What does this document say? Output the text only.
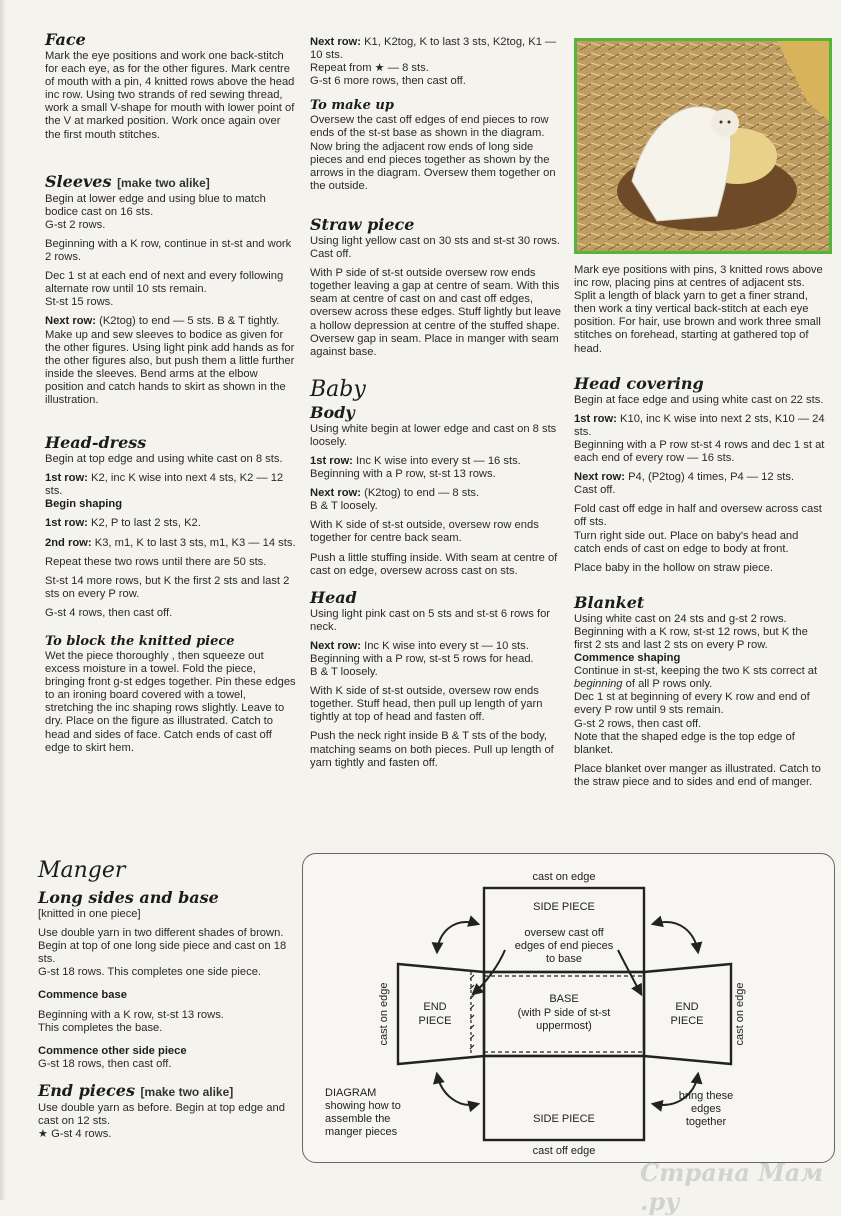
Face

Mark the eye positions and work one back-stitch for each eye, as for the other figures. Mark centre of mouth with a pin, 4 knitted rows above the head inc row. Using two strands of red sewing thread, work a small V-shape for mouth with lower point of the V at marked position. Work once again over the first mouth stitches.

Sleeves [make two alike]

Begin at lower edge and using blue to match bodice cast on 16 sts.

G-st 2 rows.

Beginning with a K row, continue in st-st and work 2 rows.

Dec 1 st at each end of next and every following alternate row until 10 sts remain.

St-st 15 rows.

Next row: (K2tog) to end — 5 sts. B & T tightly.

Make up and sew sleeves to bodice as given for the other figures. Using light pink add hands as for the other figures also, but push them a little further inside the sleeves. Bend arms at the elbow position and catch hands to skirt as shown in the illustration.

Head-dress

Begin at top edge and using white cast on 8 sts.

1st row: K2, inc K wise into next 4 sts, K2 — 12 sts.

Begin shaping

1st row: K2, P to last 2 sts, K2.

2nd row: K3, m1, K to last 3 sts, m1, K3 — 14 sts.

Repeat these two rows until there are 50 sts.

St-st 14 more rows, but K the first 2 sts and last 2 sts on every P row.

G-st 4 rows, then cast off.

To block the knitted piece

Wet the piece thoroughly , then squeeze out excess moisture in a towel. Fold the piece, bringing front g-st edges together. Pin these edges to an ironing board covered with a towel, stretching the inc shaping rows slightly. Leave to dry. Place on the figure as illustrated. Catch to head and sides of face. Catch ends of cast off edge to skirt hem.

Next row: K1, K2tog, K to last 3 sts, K2tog, K1 — 10 sts.

Repeat from ★ — 8 sts.

G-st 6 more rows, then cast off.

To make up

Oversew the cast off edges of end pieces to row ends of the st-st base as shown in the diagram. Now bring the adjacent row ends of long side pieces and end pieces together as shown by the arrows in the diagram. Oversew them together on the outside.

Straw piece

Using light yellow cast on 30 sts and st-st 30 rows.

Cast off.

With P side of st-st outside oversew row ends together leaving a gap at centre of seam. With this seam at centre of cast on and cast off edges, oversew across these edges. Stuff lightly but leave a hollow depression at centre of the stuffed shape. Oversew gap in seam. Place in manger with seam against base.

Baby
Body

Using white begin at lower edge and cast on 8 sts loosely.

1st row: Inc K wise into every st — 16 sts.

Beginning with a P row, st-st 13 rows.

Next row: (K2tog) to end — 8 sts.

B & T loosely.

With K side of st-st outside, oversew row ends together for centre back seam.

Push a little stuffing inside. With seam at centre of cast on edge, oversew across cast on sts.

Head

Using light pink cast on 5 sts and st-st 6 rows for neck.

Next row: Inc K wise into every st — 10 sts.

Beginning with a P row, st-st 5 rows for head.

B & T loosely.

With K side of st-st outside, oversew row ends together. Stuff head, then pull up length of yarn tightly at top of head and fasten off.

Push the neck right inside B & T sts of the body, matching seams on both pieces. Pull up length of yarn tightly and fasten off.

Mark eye positions with pins, 3 knitted rows above inc row, placing pins at centres of adjacent sts. Split a length of black yarn to get a finer strand, then work a tiny vertical back-stitch at each eye position. For hair, use brown and work three small stitches on forehead, starting at gathered top of head.

Head covering

Begin at face edge and using white cast on 22 sts.

1st row: K10, inc K wise into next 2 sts, K10 — 24 sts.

Beginning with a P row st-st 4 rows and dec 1 st at each end of every row — 16 sts.

Next row: P4, (P2tog) 4 times, P4 — 12 sts.

Cast off.

Fold cast off edge in half and oversew across cast off sts.

Turn right side out. Place on baby's head and catch ends of cast on edge to body at front.

Place baby in the hollow on straw piece.

Blanket

Using white cast on 24 sts and g-st 2 rows.

Beginning with a K row, st-st 12 rows, but K the first 2 sts and last 2 sts on every P row.

Commence shaping

Continue in st-st, keeping the two K sts correct at beginning of all P rows only.

Dec 1 st at beginning of every K row and end of every P row until 9 sts remain.

G-st 2 rows, then cast off.

Note that the shaped edge is the top edge of blanket.

Place blanket over manger as illustrated. Catch to the straw piece and to sides and end of manger.

Manger
Long sides and base

[knitted in one piece]

Use double yarn in two different shades of brown. Begin at top of one long side piece and cast on 18 sts.

G-st 18 rows. This completes one side piece.

Commence base

Beginning with a K row, st-st 13 rows.

This completes the base.

Commence other side piece

G-st 18 rows, then cast off.

End pieces [make two alike]

Use double yarn as before. Begin at top edge and cast on 12 sts.

★ G-st 4 rows.

cast on edge
SIDE PIECE
oversew cast off
edges of end pieces
to base
BASE
(with P side of st-st
uppermost)
END
PIECE
END
PIECE
cast on edge	cast on edge
SIDE PIECE
cast off edge
DIAGRAM
showing how to
assemble the
manger pieces
bring these
edges
together
Страна Мам .ру
